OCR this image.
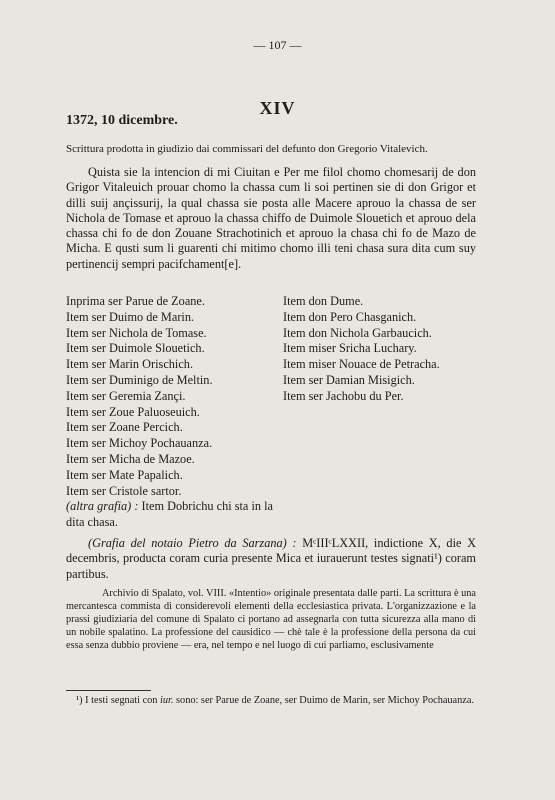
— 107 —
XIV
1372, 10 dicembre.
Scrittura prodotta in giudizio dai commissari del defunto don Gregorio Vitalevich.

Quista sie la intencion di mi Ciuitan e Per me filol chomo chomesarij de don Grigor Vitaleuich prouar chomo la chassa cum li soi pertinen sie di don Grigor et dilli suij ançissurij, la qual chassa sie posta alle Macere aprouo la chassa de ser Nichola de Tomase et aprouo la chassa chiffo de Duimole Slouetich et aprouo dela chassa chi fo de don Zouane Strachotinich et aprouo la chasa chi fo de Mazo de Micha. E qusti sum li guarenti chi mitimo chomo illi teni chasa sura dita cum suy pertinencij sempri pacifchament[e].

Inprima ser Parue de Zoane.
Item ser Duimo de Marin.
Item ser Nichola de Tomase.
Item ser Duimole Slouetich.
Item ser Marin Orischich.
Item ser Duminigo de Meltin.
Item ser Geremia Zançi.
Item ser Zoue Paluoseuich.
Item ser Zoane Percich.
Item ser Michoy Pochauanza.
Item ser Micha de Mazoe.
Item ser Mate Papalich.
Item ser Cristole sartor.
Item don Dume.
Item don Pero Chasganich.
Item don Nichola Garbaucich.
Item miser Sricha Luchary.
Item miser Nouace de Petracha.
Item ser Damian Misigich.
Item ser Jachobu du Per.
(altra grafia) : Item Dobrichu chi sta in la dita chasa.
(Grafia del notaio Pietro da Sarzana) : MᶜIIIᶜLXXII, indictione X, die X decembris, producta coram curia presente Mica et iurauerunt testes signati¹) coram partibus.

Archivio di Spalato, vol. VIII. «Intentio» originale presentata dalle parti. La scrittura è una mercantesca commista di considerevoli elementi della ecclesiastica privata. L'organizzazione e la prassi giudiziaria del comune di Spalato ci portano ad assegnarla con tutta sicurezza alla mano di un nobile spalatino. La professione del causidico — chè tale è la professione della persona da cui essa senza dubbio proviene — era, nel tempo e nel luogo di cui parliamo, esclusivamente

¹) I testi segnati con iur. sono: ser Parue de Zoane, ser Duimo de Marin, ser Michoy Pochauanza.
